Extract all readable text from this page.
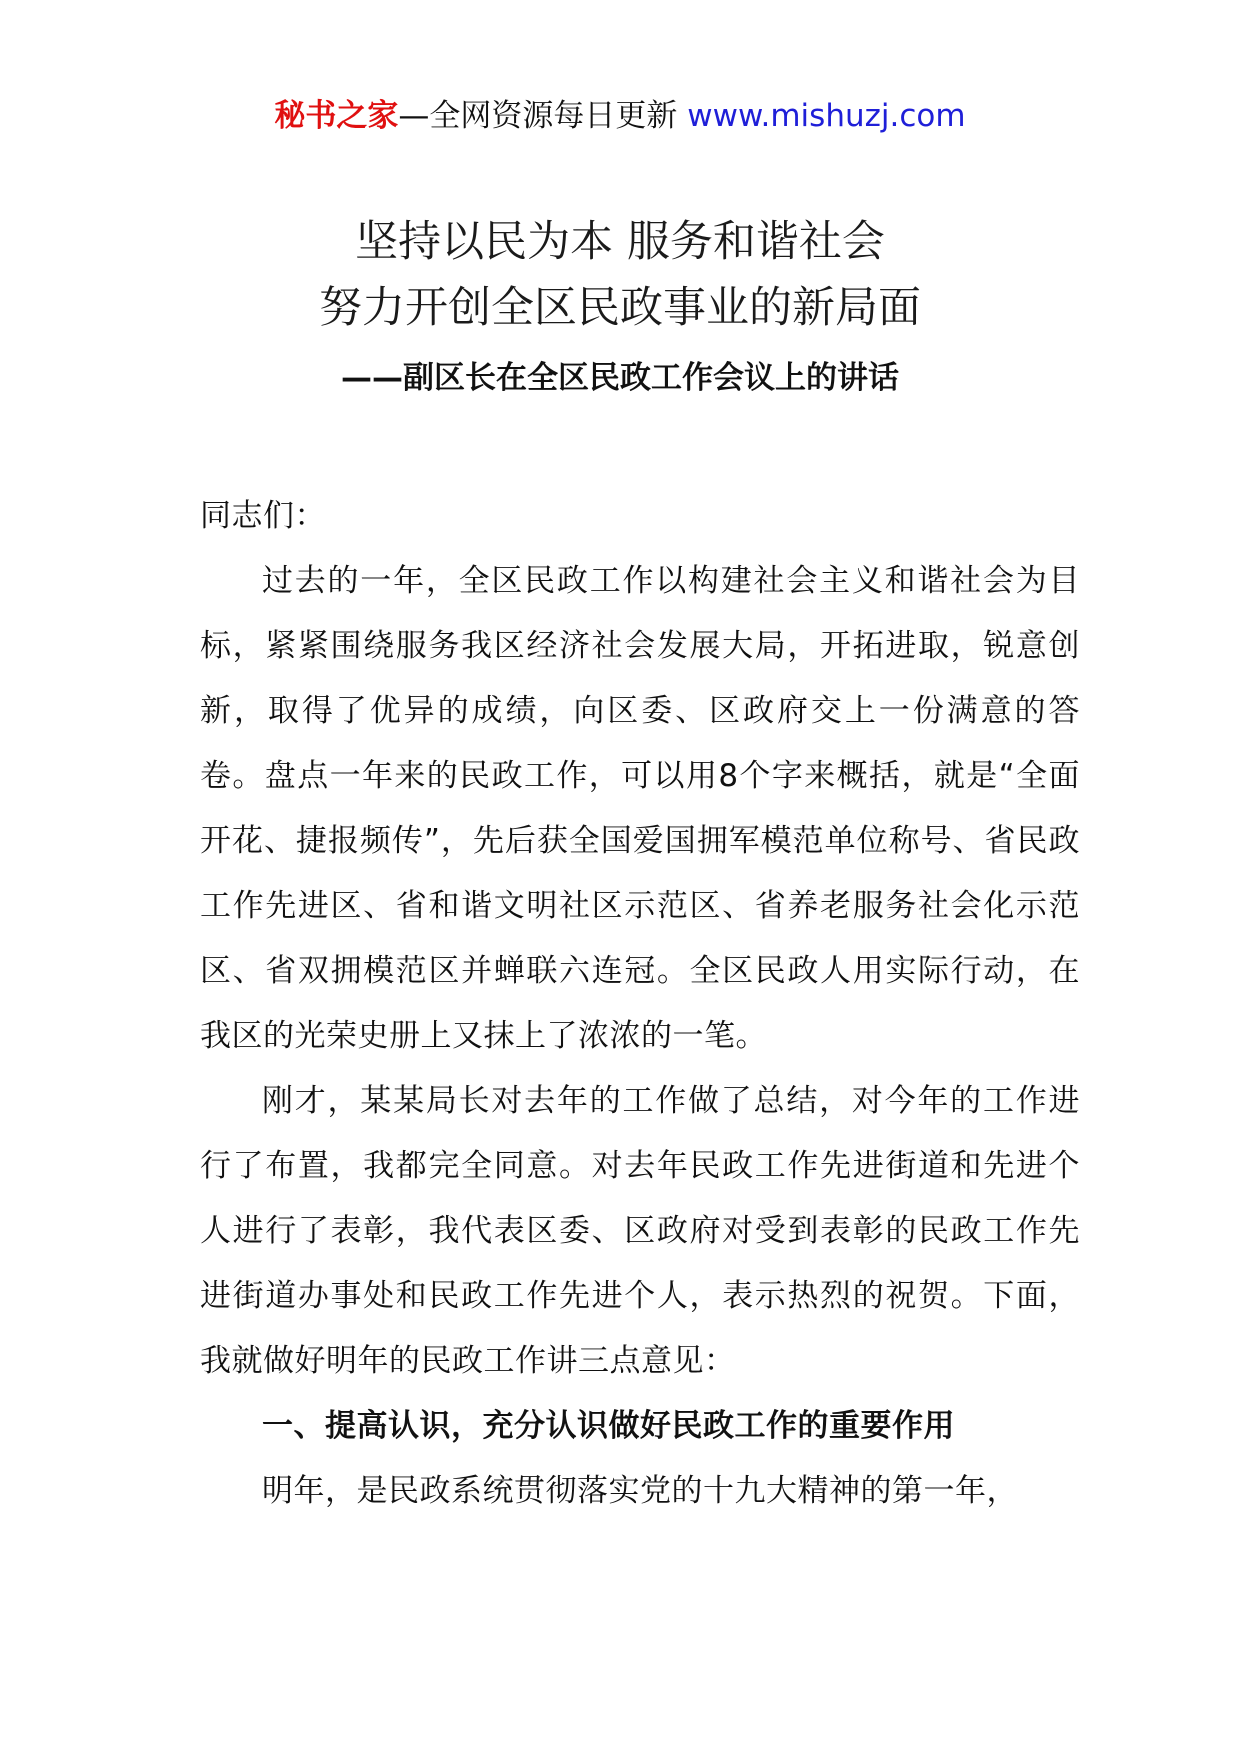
秘书之家—全网资源每日更新 www.mishuzj.com
坚持以民为本 服务和谐社会
努力开创全区民政事业的新局面
——副区长在全区民政工作会议上的讲话

同志们：

过去的一年，全区民政工作以构建社会主义和谐社会为目标，紧紧围绕服务我区经济社会发展大局，开拓进取，锐意创新，取得了优异的成绩，向区委、区政府交上一份满意的答卷。盘点一年来的民政工作，可以用8个字来概括，就是“全面开花、捷报频传”，先后获全国爱国拥军模范单位称号、省民政工作先进区、省和谐文明社区示范区、省养老服务社会化示范区、省双拥模范区并蝉联六连冠。全区民政人用实际行动，在我区的光荣史册上又抹上了浓浓的一笔。

刚才，某某局长对去年的工作做了总结，对今年的工作进行了布置，我都完全同意。对去年民政工作先进街道和先进个人进行了表彰，我代表区委、区政府对受到表彰的民政工作先进街道办事处和民政工作先进个人，表示热烈的祝贺。下面，我就做好明年的民政工作讲三点意见：

一、提高认识，充分认识做好民政工作的重要作用

明年，是民政系统贯彻落实党的十九大精神的第一年，
